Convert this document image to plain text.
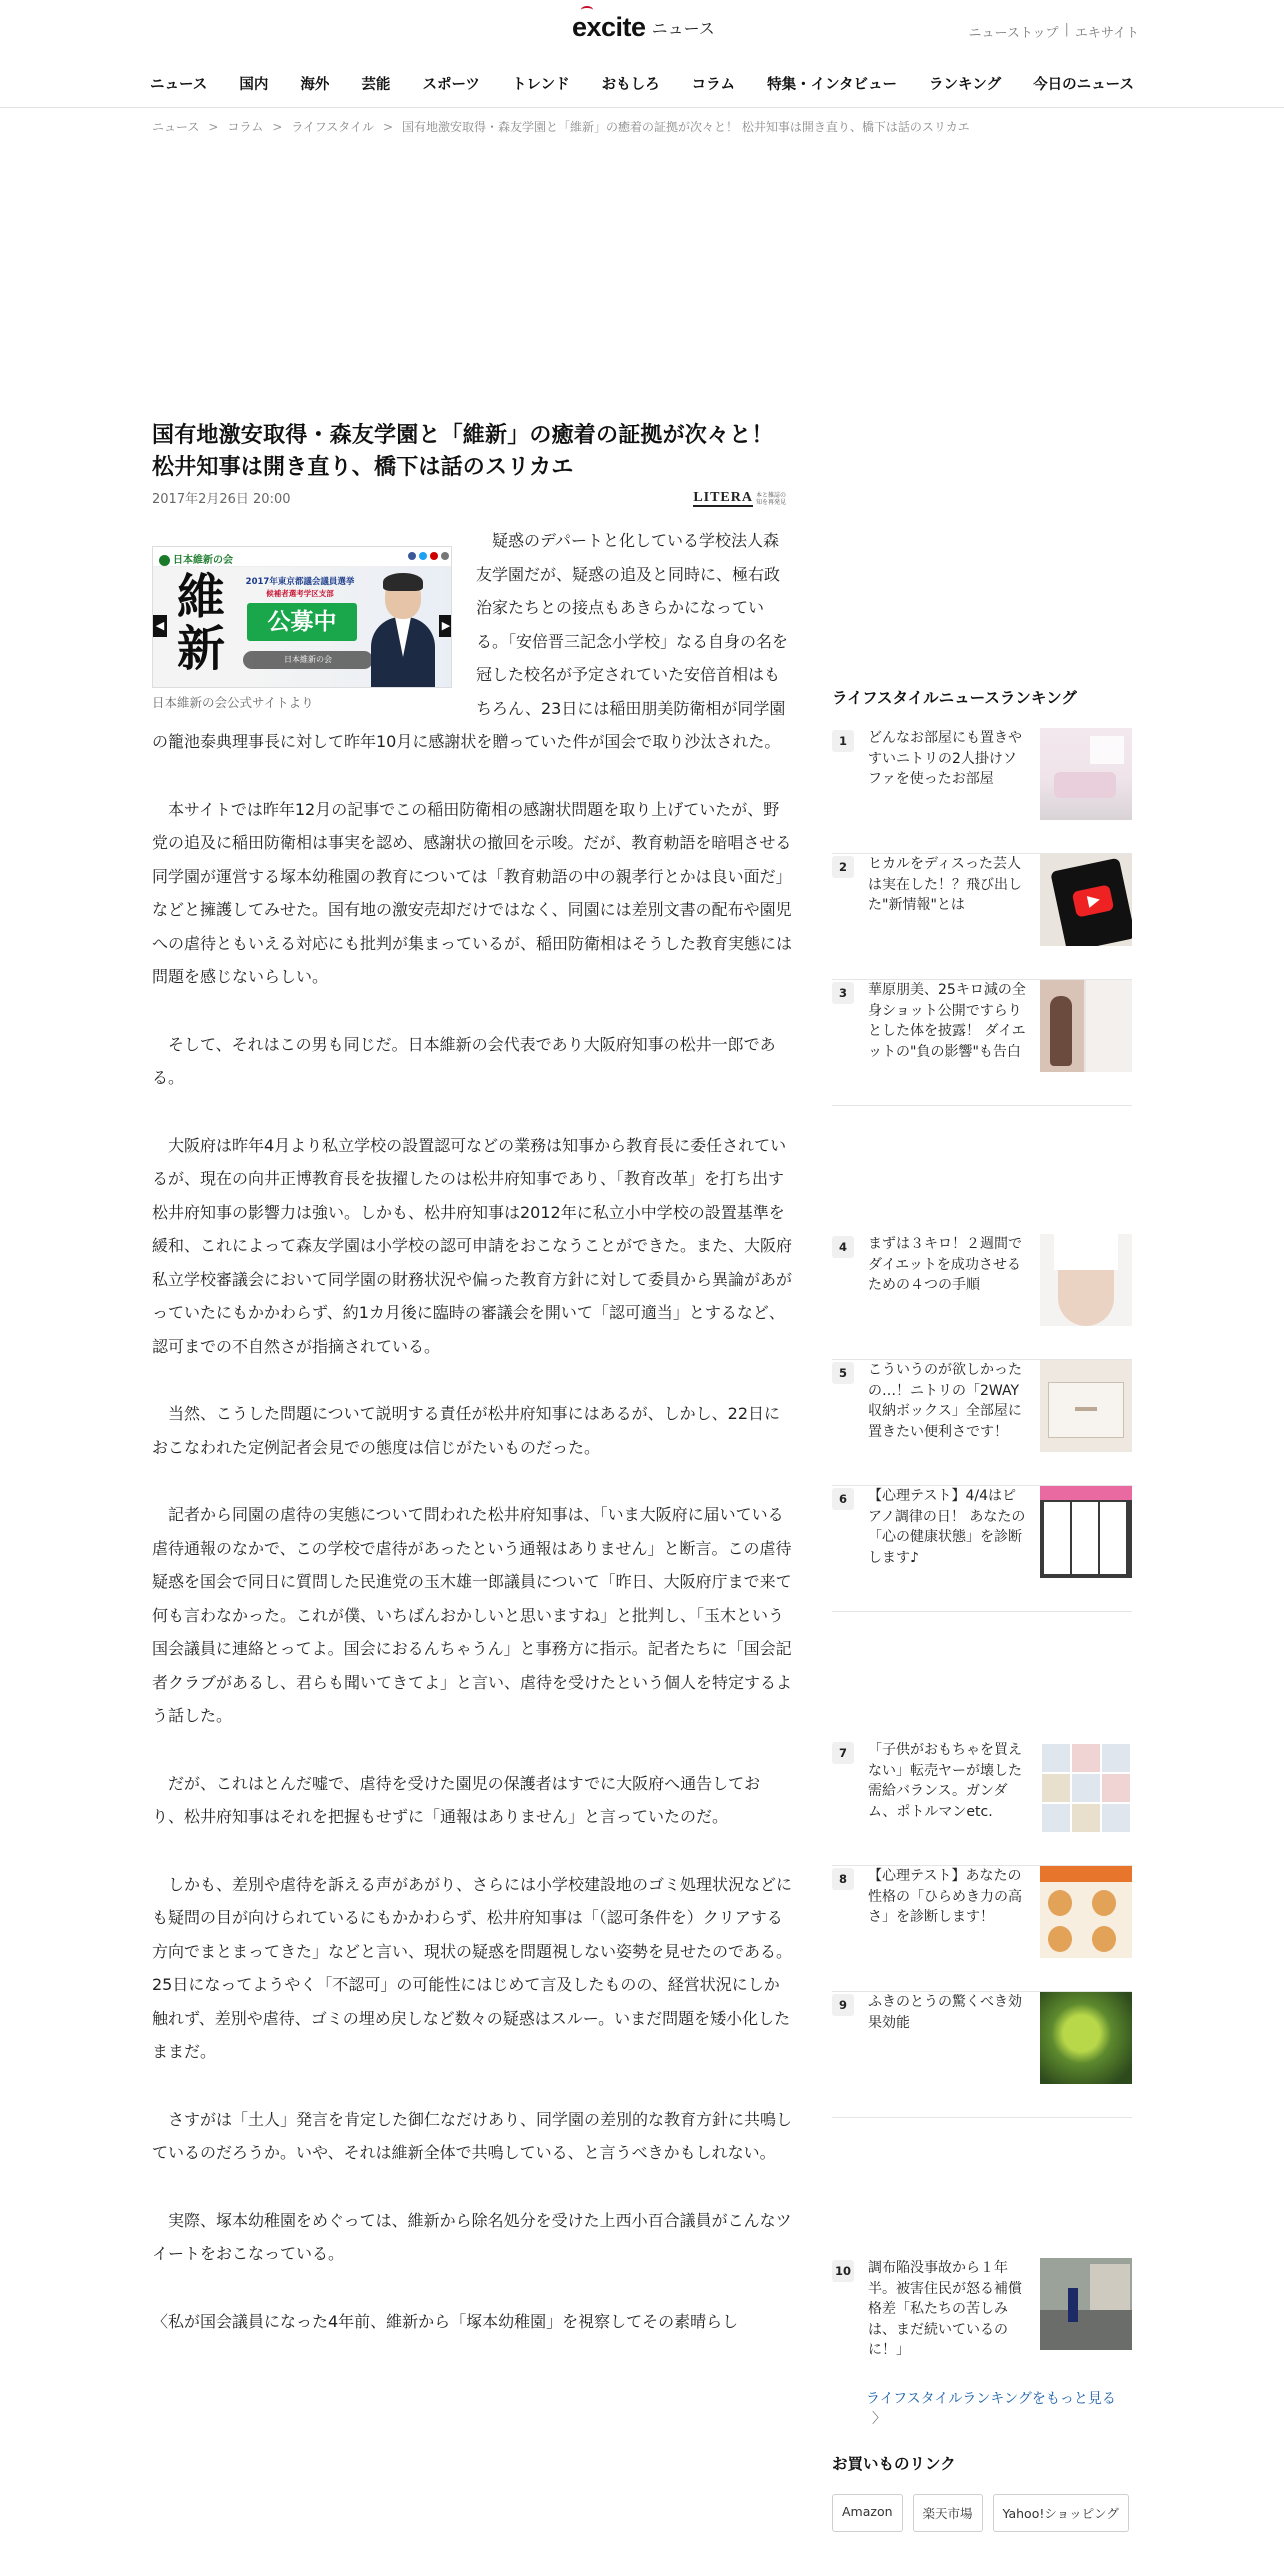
excite ニュース	ニューストップ | エキサイト
ニュース 国内 海外 芸能 スポーツ トレンド おもしろ コラム 特集・インタビュー ランキング 今日のニュース
ニュース > コラム > ライフスタイル > 国有地激安取得・森友学園と「維新」の癒着の証拠が次々と！ 松井知事は開き直り、橋下は話のスリカエ
国有地激安取得・森友学園と「維新」の癒着の証拠が次々と！ 松井知事は開き直り、橋下は話のスリカエ
2017年2月26日 20:00	LITERA 本と雑誌の知を再発見
日本維新の会
維新
◀
2017年東京都議会議員選挙
候補者選考学区支部
公募中
日本維新の会
▶
日本維新の会公式サイトより

疑惑のデパートと化している学校法人森友学園だが、疑惑の追及と同時に、極右政治家たちとの接点もあきらかになっている。「安倍晋三記念小学校」なる自身の名を冠した校名が予定されていた安倍首相はもちろん、23日には稲田朋美防衛相が同学園の籠池泰典理事長に対して昨年10月に感謝状を贈っていた件が国会で取り沙汰された。

本サイトでは昨年12月の記事でこの稲田防衛相の感謝状問題を取り上げていたが、野党の追及に稲田防衛相は事実を認め、感謝状の撤回を示唆。だが、教育勅語を暗唱させる同学園が運営する塚本幼稚園の教育については「教育勅語の中の親孝行とかは良い面だ」などと擁護してみせた。国有地の激安売却だけではなく、同園には差別文書の配布や園児への虐待ともいえる対応にも批判が集まっているが、稲田防衛相はそうした教育実態には問題を感じないらしい。

そして、それはこの男も同じだ。日本維新の会代表であり大阪府知事の松井一郎である。

大阪府は昨年4月より私立学校の設置認可などの業務は知事から教育長に委任されているが、現在の向井正博教育長を抜擢したのは松井府知事であり、「教育改革」を打ち出す松井府知事の影響力は強い。しかも、松井府知事は2012年に私立小中学校の設置基準を緩和、これによって森友学園は小学校の認可申請をおこなうことができた。また、大阪府私立学校審議会において同学園の財務状況や偏った教育方針に対して委員から異論があがっていたにもかかわらず、約1カ月後に臨時の審議会を開いて「認可適当」とするなど、認可までの不自然さが指摘されている。

当然、こうした問題について説明する責任が松井府知事にはあるが、しかし、22日におこなわれた定例記者会見での態度は信じがたいものだった。

記者から同園の虐待の実態について問われた松井府知事は、「いま大阪府に届いている虐待通報のなかで、この学校で虐待があったという通報はありません」と断言。この虐待疑惑を国会で同日に質問した民進党の玉木雄一郎議員について「昨日、大阪府庁まで来て何も言わなかった。これが僕、いちばんおかしいと思いますね」と批判し、「玉木という国会議員に連絡とってよ。国会におるんちゃうん」と事務方に指示。記者たちに「国会記者クラブがあるし、君らも聞いてきてよ」と言い、虐待を受けたという個人を特定するよう話した。

だが、これはとんだ嘘で、虐待を受けた園児の保護者はすでに大阪府へ通告しており、松井府知事はそれを把握もせずに「通報はありません」と言っていたのだ。

しかも、差別や虐待を訴える声があがり、さらには小学校建設地のゴミ処理状況などにも疑問の目が向けられているにもかかわらず、松井府知事は「（認可条件を）クリアする方向でまとまってきた」などと言い、現状の疑惑を問題視しない姿勢を見せたのである。25日になってようやく「不認可」の可能性にはじめて言及したものの、経営状況にしか触れず、差別や虐待、ゴミの埋め戻しなど数々の疑惑はスルー。いまだ問題を矮小化したままだ。

さすがは「土人」発言を肯定した御仁なだけあり、同学園の差別的な教育方針に共鳴しているのだろうか。いや、それは維新全体で共鳴している、と言うべきかもしれない。

実際、塚本幼稚園をめぐっては、維新から除名処分を受けた上西小百合議員がこんなツイートをおこなっている。

〈私が国会議員になった4年前、維新から「塚本幼稚園」を視察してその素晴らし

ライフスタイルニュースランキング
1	どんなお部屋にも置きやすいニトリの2人掛けソファを使ったお部屋
2	ヒカルをディスった芸人は実在した！？飛び出した"新情報"とは
3	華原朋美、25キロ減の全身ショット公開ですらりとした体を披露！ ダイエットの"負の影響"も告白
4	まずは３キロ！２週間でダイエットを成功させるための４つの手順
5	こういうのが欲しかったの…！ニトリの「2WAY収納ボックス」全部屋に置きたい便利さです！
6	【心理テスト】4/4はピアノ調律の日！ あなたの「心の健康状態」を診断します♪
7	「子供がおもちゃを買えない」転売ヤーが壊した需給バランス。ガンダム、ポトルマンetc.
8	【心理テスト】あなたの性格の「ひらめき力の高さ」を診断します！
9	ふきのとうの驚くべき効果効能
10 調布陥没事故から１年半。被害住民が怒る補償格差「私たちの苦しみは、まだ続いているのに！」
ライフスタイルランキングをもっと見る〉
お買いものリンク
Amazon	楽天市場	Yahoo!ショッピング
